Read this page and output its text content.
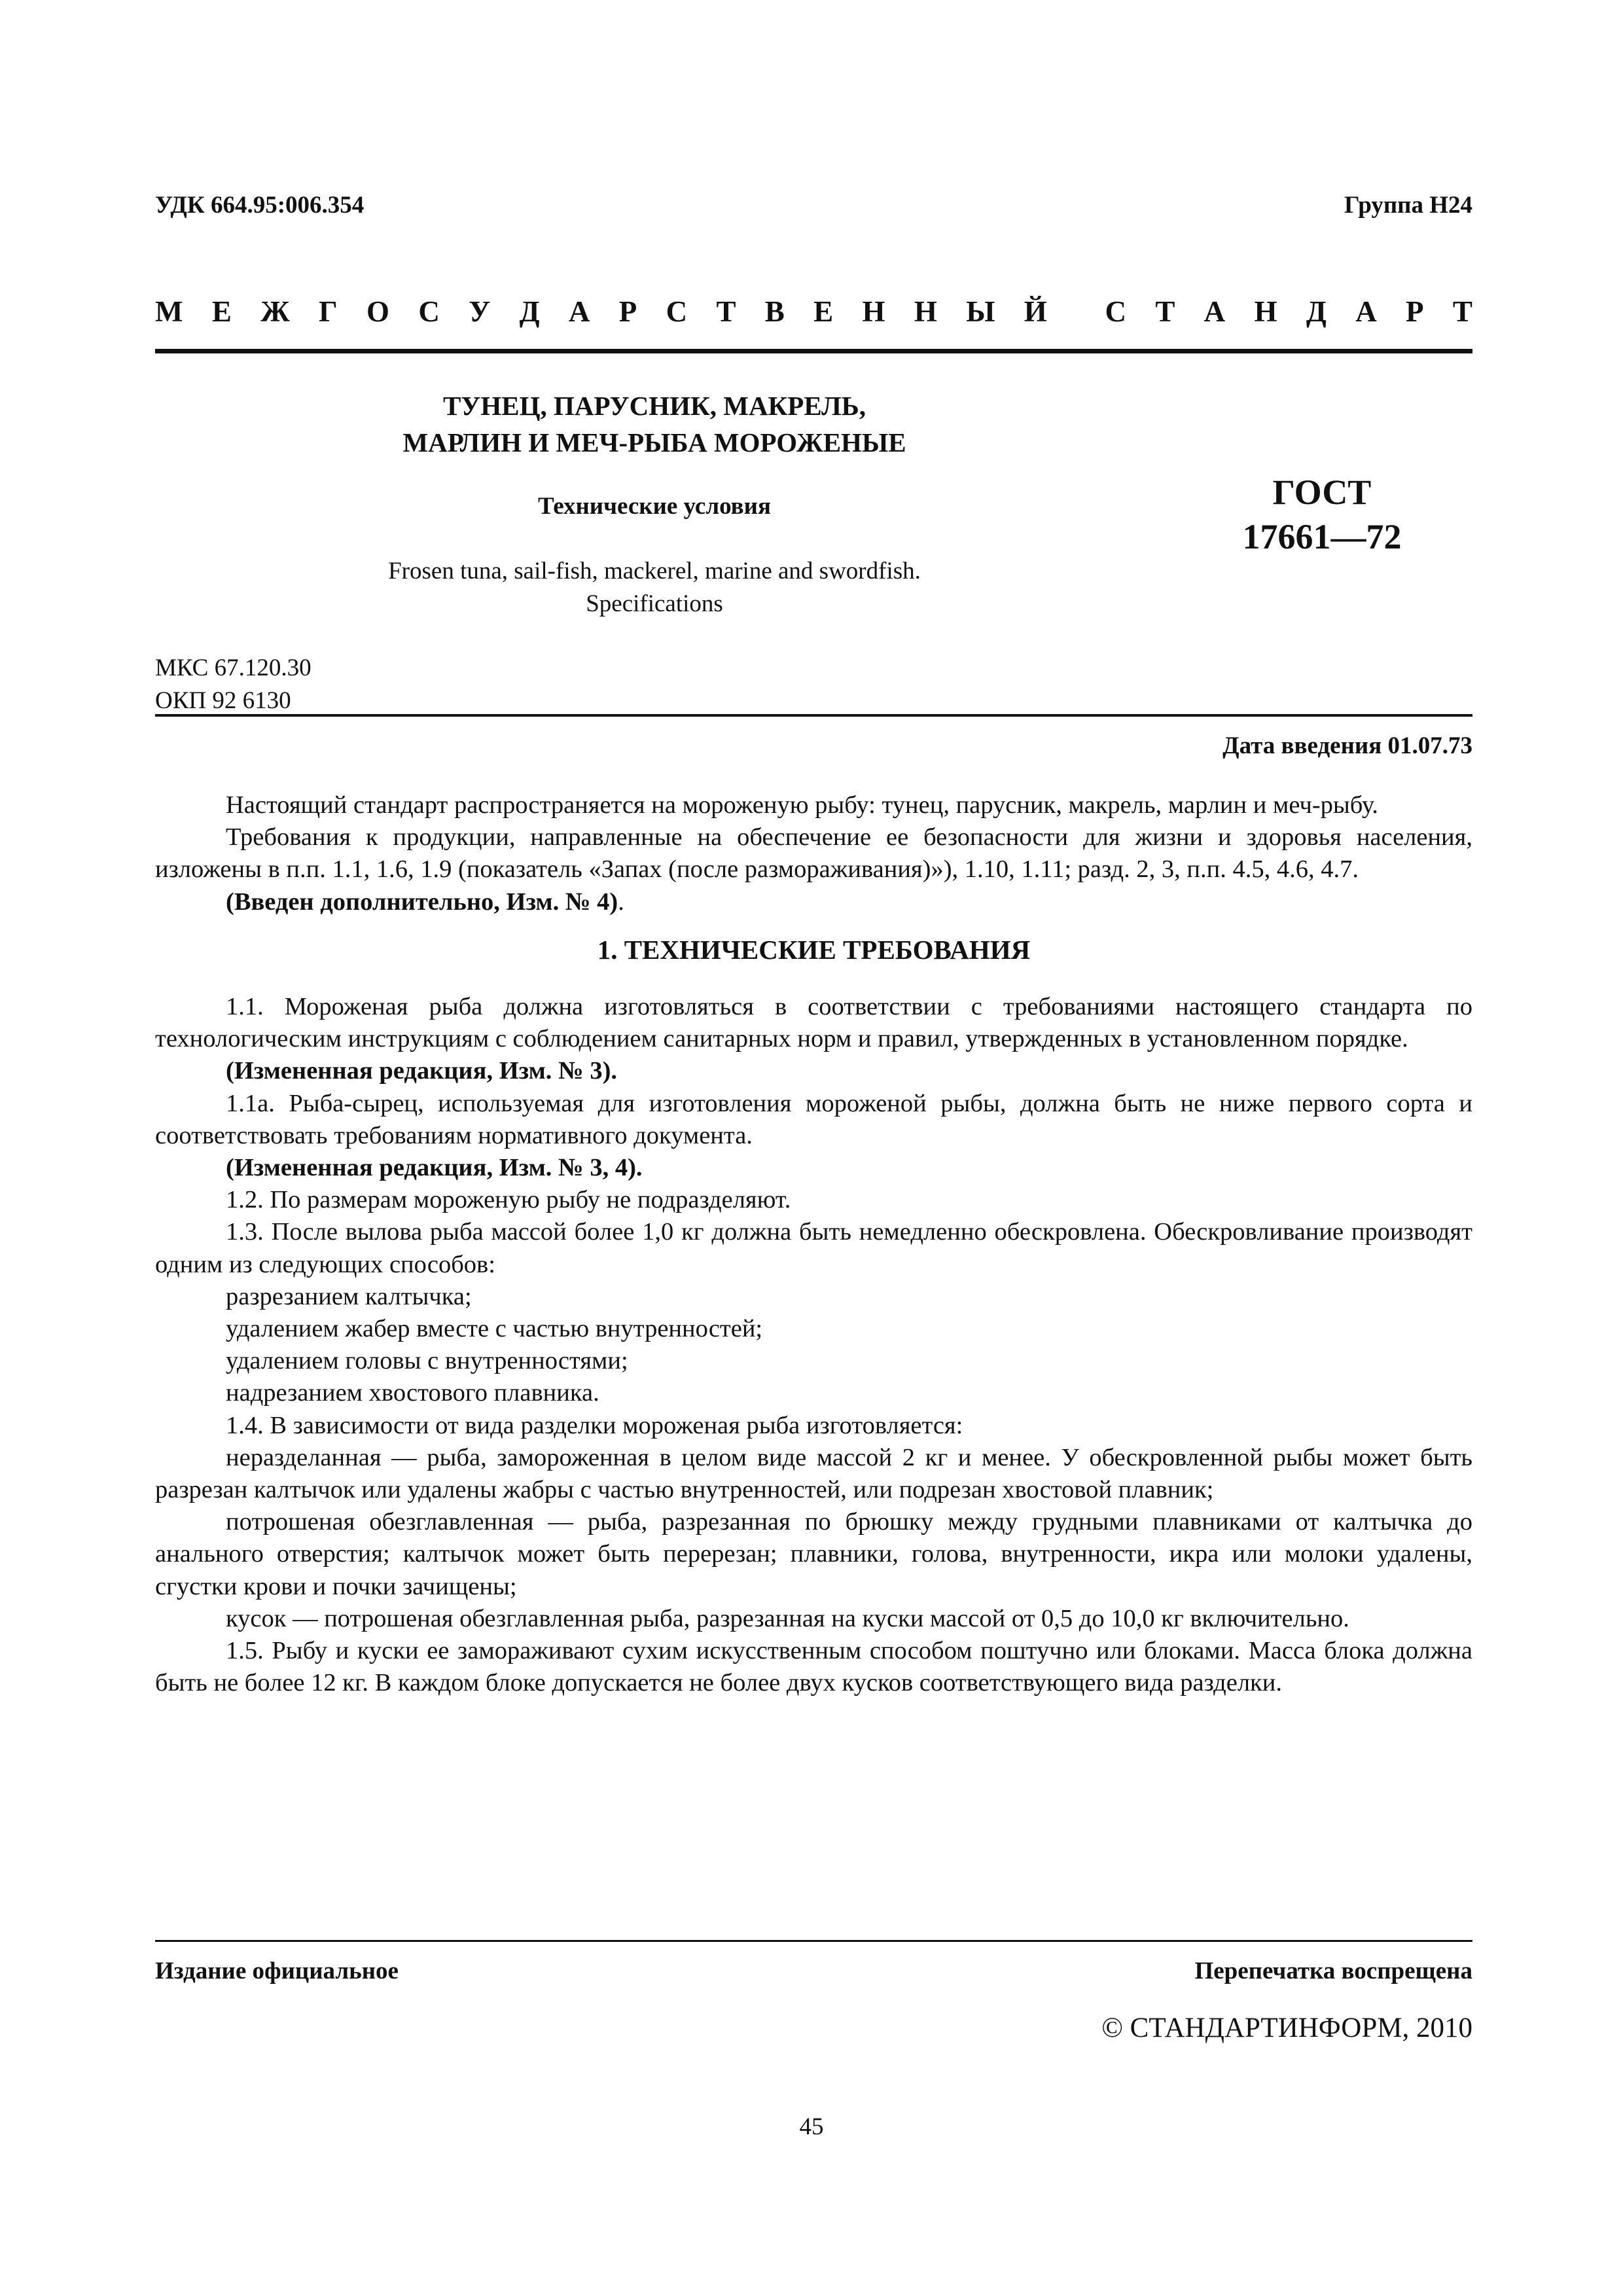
УДК 664.95:006.354	Группа Н24
М Е Ж Г О С У Д А Р С Т В Е Н Н Ы Й С Т А Н Д А Р Т
ТУНЕЦ, ПАРУСНИК, МАКРЕЛЬ,
МАРЛИН И МЕЧ-РЫБА МОРОЖЕНЫЕ
Технические условия
Frosen tuna, sail-fish, mackerel, marine and swordfish.
Specifications
ГОСТ
17661—72
МКС 67.120.30
ОКП 92 6130
Дата введения 01.07.73

Настоящий стандарт распространяется на мороженую рыбу: тунец, парусник, макрель, марлин и меч-рыбу.

Требования к продукции, направленные на обеспечение ее безопасности для жизни и здоровья населения, изложены в п.п. 1.1, 1.6, 1.9 (показатель «Запах (после размораживания)»), 1.10, 1.11; разд. 2, 3, п.п. 4.5, 4.6, 4.7.

(Введен дополнительно, Изм. № 4).

1. ТЕХНИЧЕСКИЕ ТРЕБОВАНИЯ

1.1. Мороженая рыба должна изготовляться в соответствии с требованиями настоящего стандарта по технологическим инструкциям с соблюдением санитарных норм и правил, утвержденных в установленном порядке.

(Измененная редакция, Изм. № 3).

1.1а. Рыба-сырец, используемая для изготовления мороженой рыбы, должна быть не ниже первого сорта и соответствовать требованиям нормативного документа.

(Измененная редакция, Изм. № 3, 4).

1.2. По размерам мороженую рыбу не подразделяют.

1.3. После вылова рыба массой более 1,0 кг должна быть немедленно обескровлена. Обескровливание производят одним из следующих способов:

разрезанием калтычка;

удалением жабер вместе с частью внутренностей;

удалением головы с внутренностями;

надрезанием хвостового плавника.

1.4. В зависимости от вида разделки мороженая рыба изготовляется:

неразделанная — рыба, замороженная в целом виде массой 2 кг и менее. У обескровленной рыбы может быть разрезан калтычок или удалены жабры с частью внутренностей, или подрезан хвостовой плавник;

потрошеная обезглавленная — рыба, разрезанная по брюшку между грудными плавниками от калтычка до анального отверстия; калтычок может быть перерезан; плавники, голова, внутренности, икра или молоки удалены, сгустки крови и почки зачищены;

кусок — потрошеная обезглавленная рыба, разрезанная на куски массой от 0,5 до 10,0 кг включительно.

1.5. Рыбу и куски ее замораживают сухим искусственным способом поштучно или блоками. Масса блока должна быть не более 12 кг. В каждом блоке допускается не более двух кусков соответствующего вида разделки.

Издание официальное	Перепечатка воспрещена
© СТАНДАРТИНФОРМ, 2010
45
